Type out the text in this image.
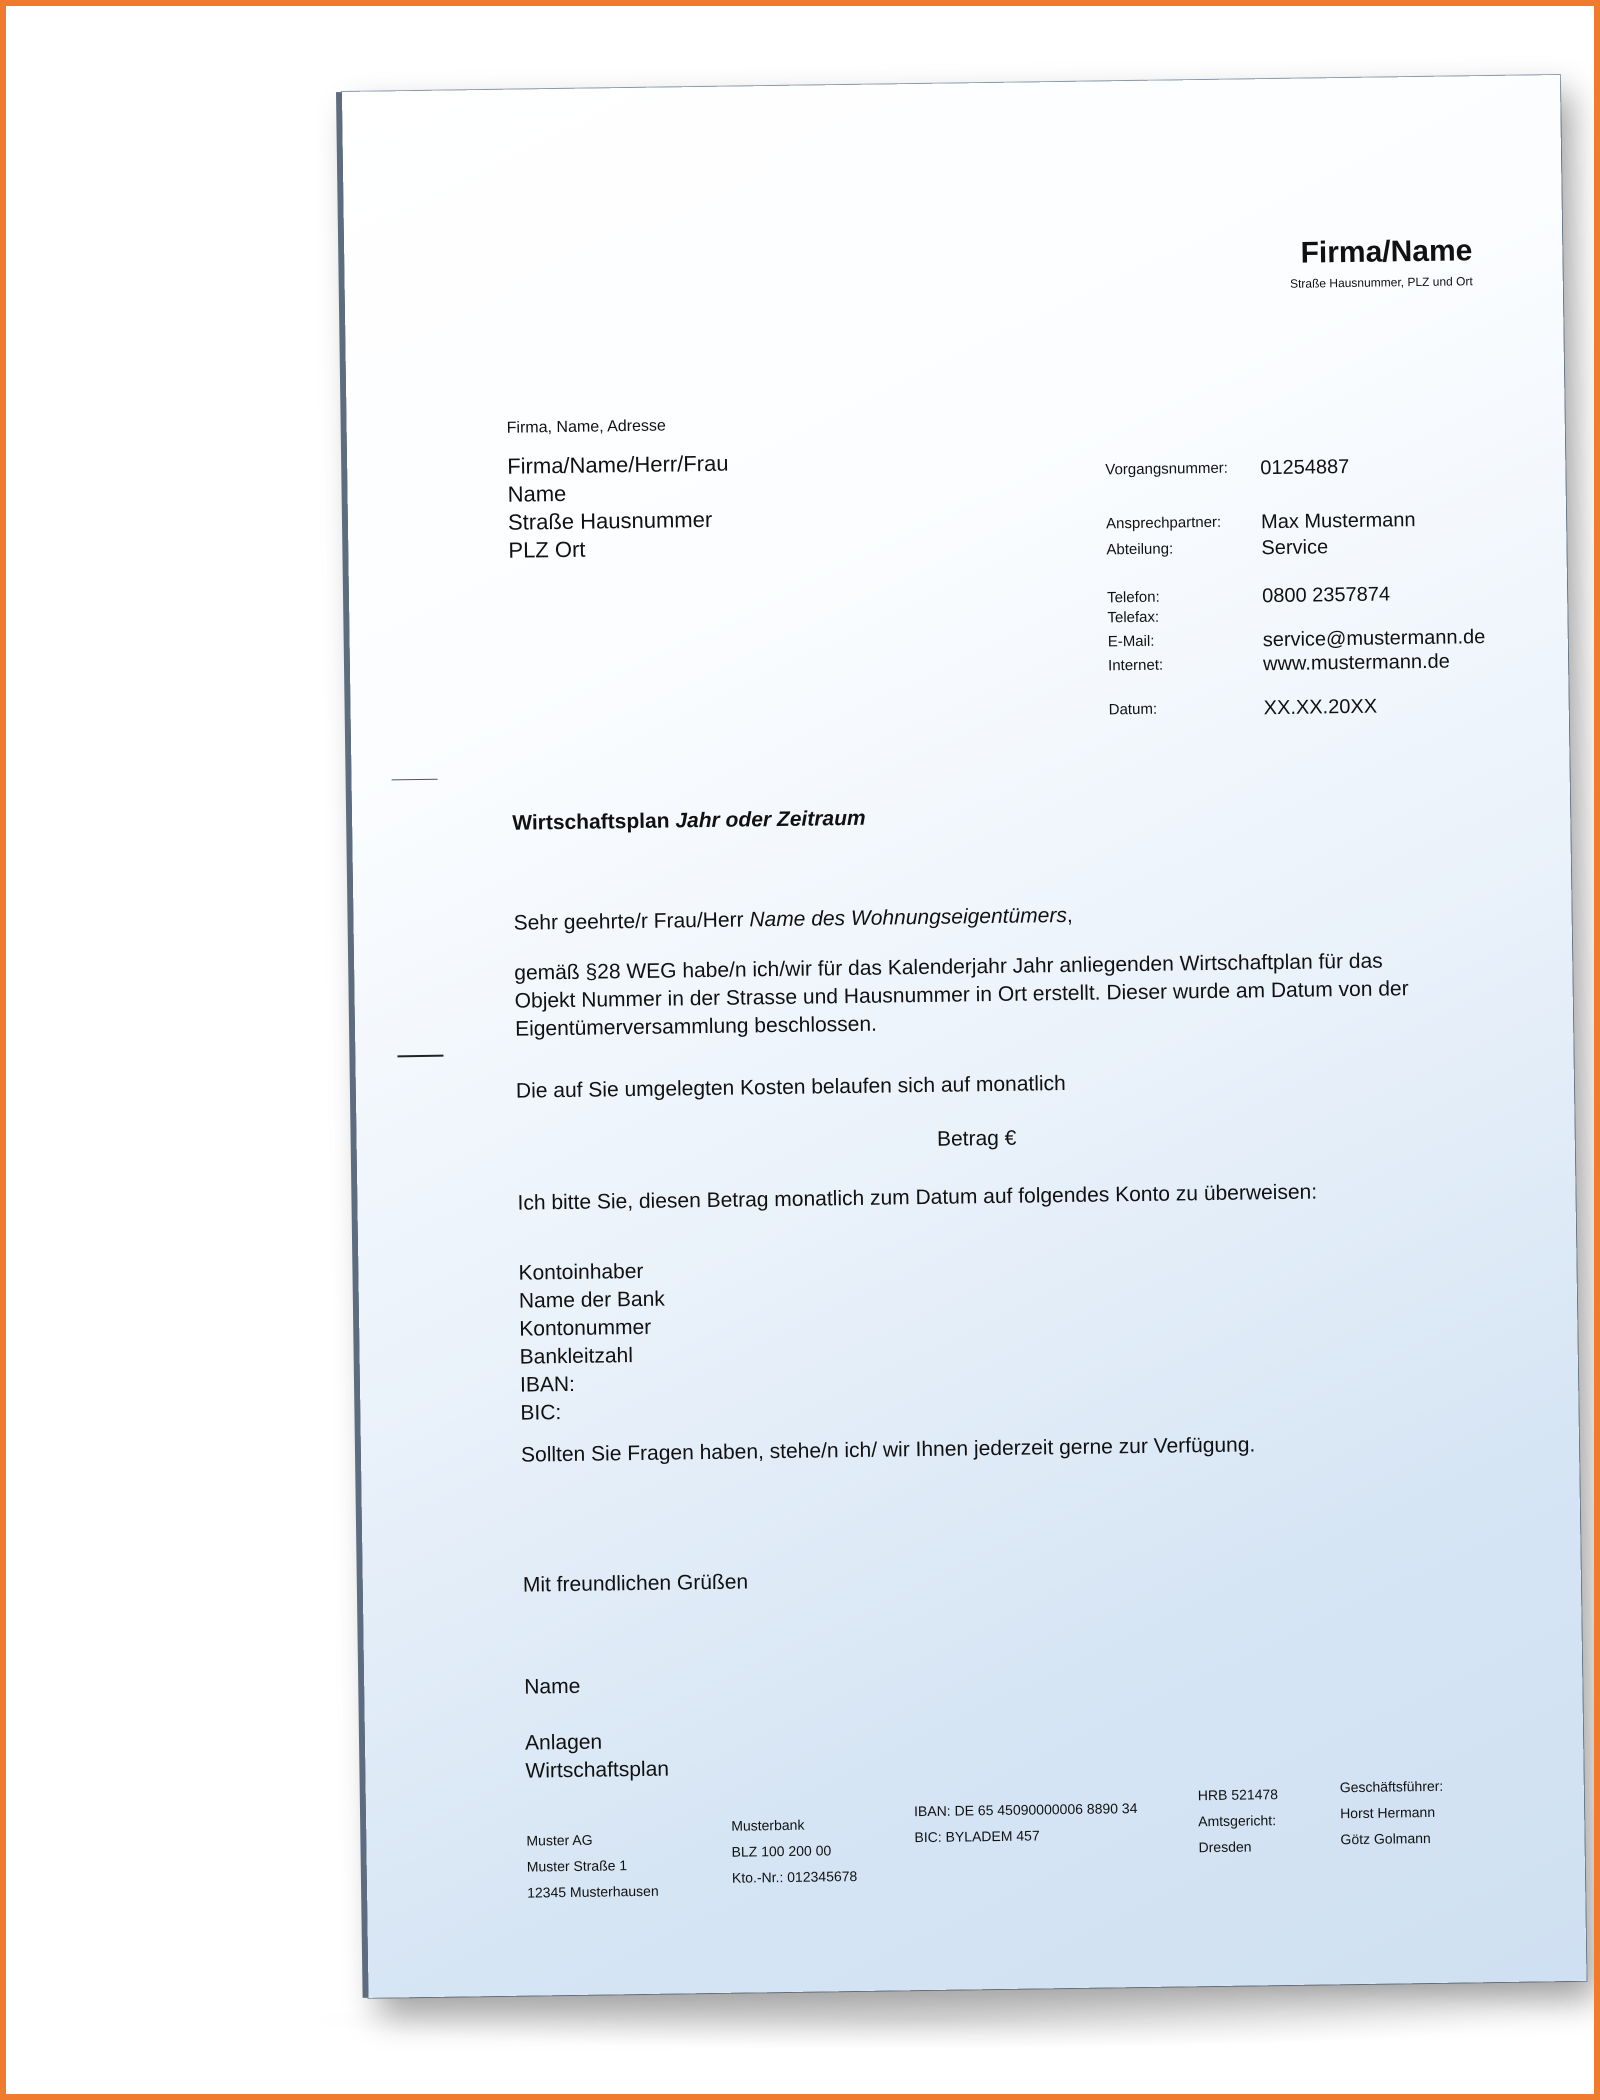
Firma/Name
Straße Hausnummer, PLZ und Ort
Firma, Name, Adresse
Firma/Name/Herr/Frau
Name
Straße Hausnummer
PLZ Ort
Vorgangsnummer: 01254887
Ansprechpartner: Max Mustermann
Abteilung:	Service
Telefon:	0800 2357874
Telefax:
E-Mail:	service@mustermann.de
Internet:	www.mustermann.de
Datum:	XX.XX.20XX
Wirtschaftsplan Jahr oder Zeitraum
Sehr geehrte/r Frau/Herr Name des Wohnungseigentümers,
gemäß §28 WEG habe/n ich/wir für das Kalenderjahr Jahr anliegenden Wirtschaftplan für das Objekt Nummer in der Strasse und Hausnummer in Ort erstellt. Dieser wurde am Datum von der Eigentümerversammlung beschlossen.
Die auf Sie umgelegten Kosten belaufen sich auf monatlich
Betrag €
Ich bitte Sie, diesen Betrag monatlich zum Datum auf folgendes Konto zu überweisen:
Kontoinhaber
Name der Bank
Kontonummer
Bankleitzahl
IBAN:
BIC:
Sollten Sie Fragen haben, stehe/n ich/ wir Ihnen jederzeit gerne zur Verfügung.
Mit freundlichen Grüßen
Name
Anlagen
Wirtschaftsplan
Muster AG
Muster Straße 1
12345 Musterhausen
Musterbank
BLZ 100 200 00
Kto.-Nr.: 012345678
IBAN: DE 65 45090000006 8890 34
BIC: BYLADEM 457
HRB 521478
Amtsgericht:
Dresden
Geschäftsführer:
Horst Hermann
Götz Golmann
